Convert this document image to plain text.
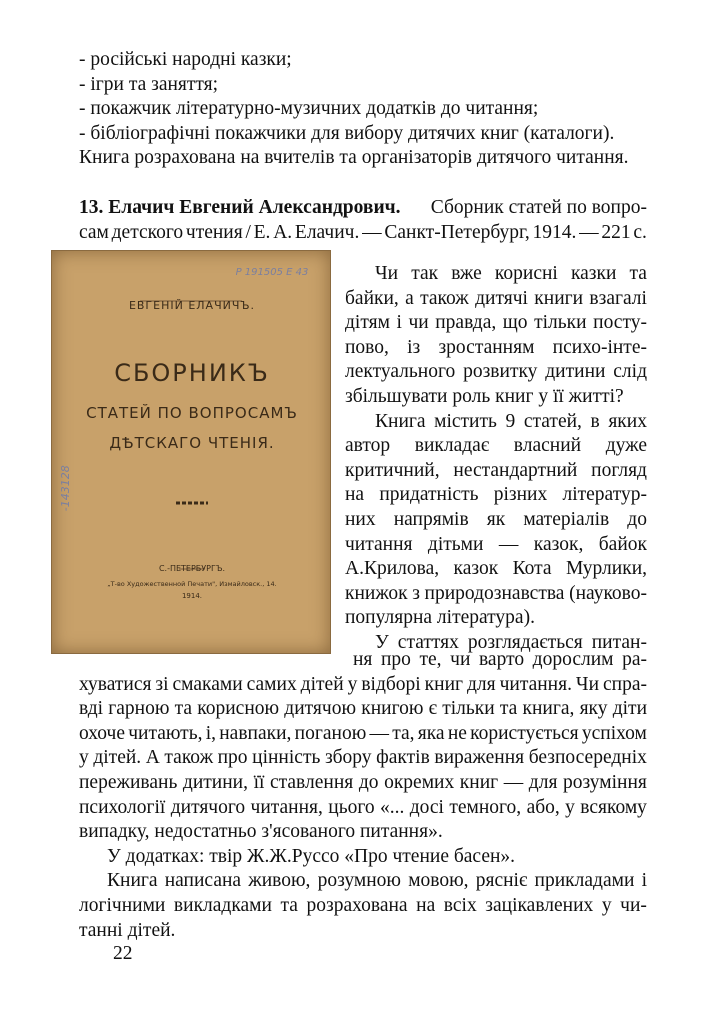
- російські народні казки;
- ігри та заняття;
- покажчик літературно-музичних додатків до читання;
- бібліографічні покажчики для вибору дитячих книг (каталоги).
Книга розрахована на вчителів та організаторів дитячого читання.
13. Елачич Евгений Александрович. Сборник статей по вопро-
сам детского чтения / Е. А. Елачич. — Санкт-Петербург, 1914. — 221 с.
Р 191505 Е 43
ЕВГЕНІЙ ЕЛАЧИЧЪ.
СБОРНИКЪ
СТАТЕЙ ПО ВОПРОСАМЪ
ДѢТСКАГО ЧТЕНІЯ.
-143128
С.-ПЕТЕРБУРГЪ.
„Т-во Художественной Печати", Измайловск., 14.
1914.
Чи так вже корисні казки та
байки, а також дитячі книги взагалі
дітям і чи правда, що тільки посту-
пово, із зростанням психо-інте-
лектуального розвитку дитини слід
збільшувати роль книг у її житті?
Книга містить 9 статей, в яких
автор викладає власний дуже
критичний, нестандартний погляд
на придатність різних літератур-
них напрямів як матеріалів до
читання дітьми — казок, байок
А.Крилова, казок Кота Мурлики,
книжок з природознавства (науково-
популярна література).
У статтях розглядається питан-
ня про те, чи варто дорослим ра-
хуватися зі смаками самих дітей у відборі книг для читання. Чи спра-
вді гарною та корисною дитячою книгою є тільки та книга, яку діти
охоче читають, і, навпаки, поганою — та, яка не користується успіхом
у дітей. А також про цінність збору фактів вираження безпосередніх
переживань дитини, її ставлення до окремих книг — для розуміння
психології дитячого читання, цього «... досі темного, або, у всякому
випадку, недостатньо з'ясованого питання».
У додатках: твір Ж.Ж.Руссо «Про чтение басен».
Книга написана живою, розумною мовою, рясніє прикладами і
логічними викладками та розрахована на всіх зацікавлених у чи-
танні дітей.
22
